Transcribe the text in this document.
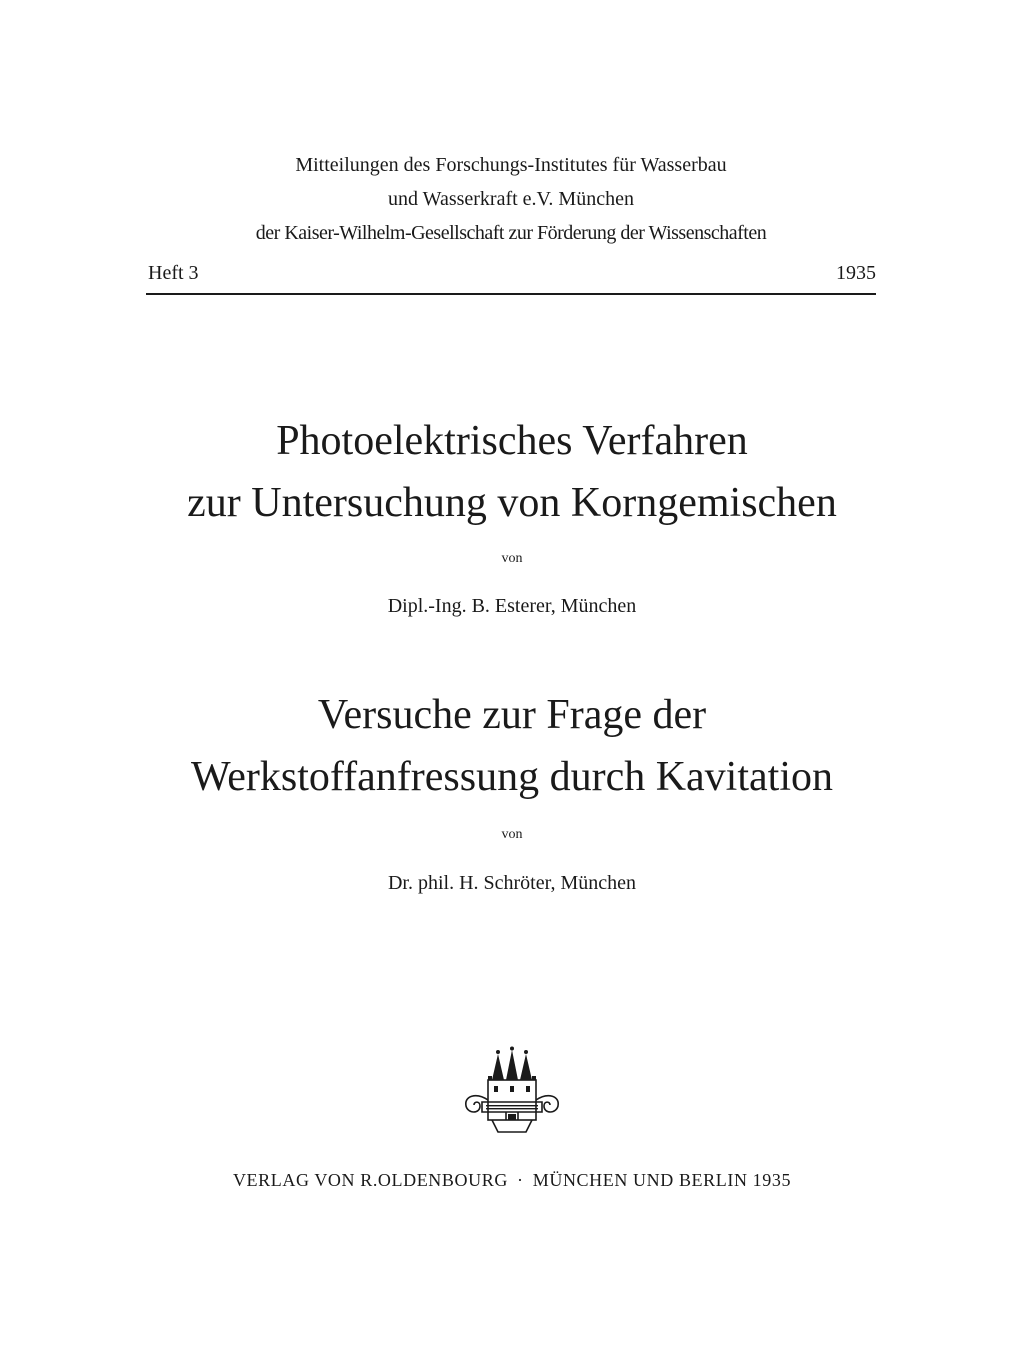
Mitteilungen des Forschungs-Institutes für Wasserbau
und Wasserkraft e.V. München
der Kaiser-Wilhelm-Gesellschaft zur Förderung der Wissenschaften
Heft 3	1935
Photoelektrisches Verfahren
zur Untersuchung von Korngemischen
von
Dipl.-Ing. B. Esterer, München
Versuche zur Frage der
Werkstoffanfressung durch Kavitation
von
Dr. phil. H. Schröter, München
VERLAG VON R.OLDENBOURG · MÜNCHEN UND BERLIN 1935
